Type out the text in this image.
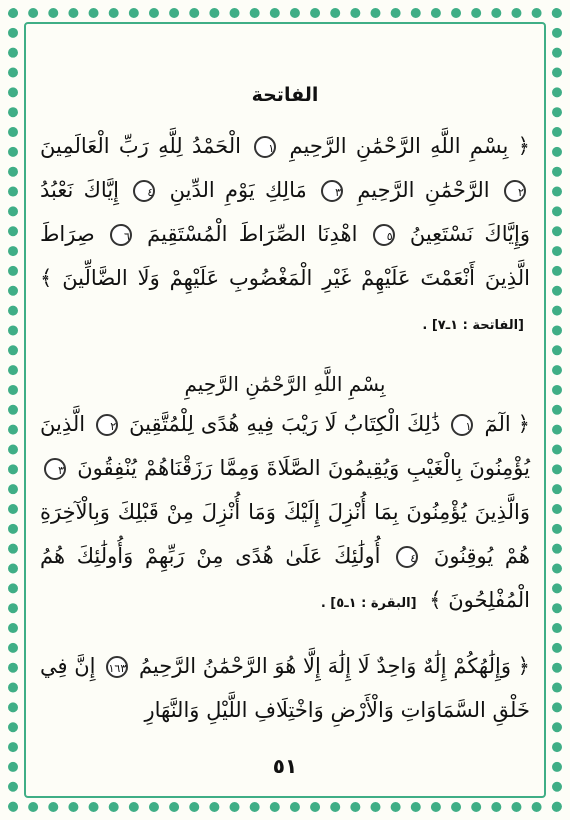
الفاتحة

﴿ بِسْمِ اللَّهِ الرَّحْمَٰنِ الرَّحِيمِ ١ الْحَمْدُ لِلَّهِ رَبِّ الْعَالَمِينَ ٢ الرَّحْمَٰنِ الرَّحِيمِ ٣ مَالِكِ يَوْمِ الدِّينِ ٤ إِيَّاكَ نَعْبُدُ وَإِيَّاكَ نَسْتَعِينُ ٥ اهْدِنَا الصِّرَاطَ الْمُسْتَقِيمَ ٦ صِرَاطَ الَّذِينَ أَنْعَمْتَ عَلَيْهِمْ غَيْرِ الْمَغْضُوبِ عَلَيْهِمْ وَلَا الضَّالِّينَ ﴾ [الفاتحة : ١ـ٧] .

بِسْمِ اللَّهِ الرَّحْمَٰنِ الرَّحِيمِ

﴿ الٓمٓ ١ ذَٰلِكَ الْكِتَابُ لَا رَيْبَ فِيهِ هُدًى لِلْمُتَّقِينَ ٢ الَّذِينَ يُؤْمِنُونَ بِالْغَيْبِ وَيُقِيمُونَ الصَّلَاةَ وَمِمَّا رَزَقْنَاهُمْ يُنْفِقُونَ ٣ وَالَّذِينَ يُؤْمِنُونَ بِمَا أُنْزِلَ إِلَيْكَ وَمَا أُنْزِلَ مِنْ قَبْلِكَ وَبِالْآخِرَةِ هُمْ يُوقِنُونَ ٤ أُولَٰئِكَ عَلَىٰ هُدًى مِنْ رَبِّهِمْ وَأُولَٰئِكَ هُمُ الْمُفْلِحُونَ ﴾ [البقرة : ١ـ٥] .

﴿ وَإِلَٰهُكُمْ إِلَٰهٌ وَاحِدٌ لَا إِلَٰهَ إِلَّا هُوَ الرَّحْمَٰنُ الرَّحِيمُ ١٦٣ إِنَّ فِي خَلْقِ السَّمَاوَاتِ وَالْأَرْضِ وَاخْتِلَافِ اللَّيْلِ وَالنَّهَارِ

٥١
